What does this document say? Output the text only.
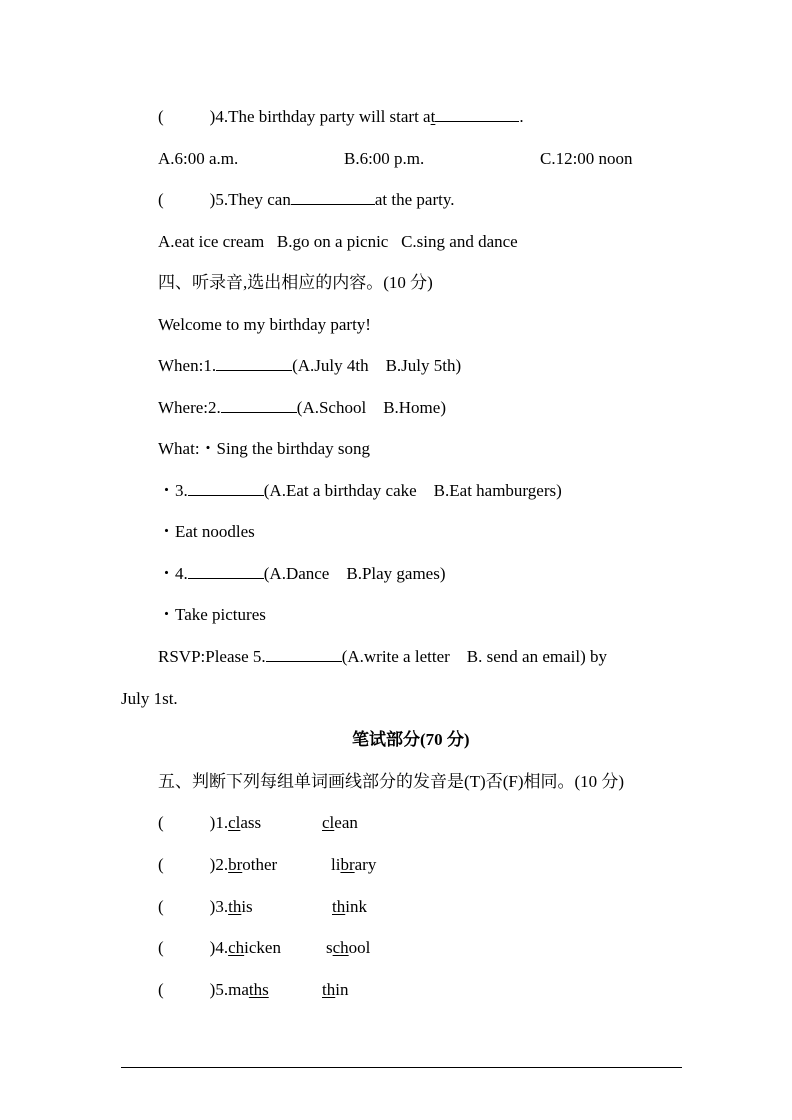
(	)4.The birthday party will start at	.
A.6:00 a.m.	B.6:00 p.m.	C.12:00 noon
(	)5.They can	at the party.
A.eat ice cream   B.go on a picnic   C.sing and dance
四、听录音,选出相应的内容。(10 分)
Welcome to my birthday party!
When:1.	(A.July 4th    B.July 5th)
Where:2.	(A.School    B.Home)
What:・Sing the birthday song
・3.	(A.Eat a birthday cake    B.Eat hamburgers)
・Eat noodles
・4.	(A.Dance    B.Play games)
・Take pictures
RSVP:Please 5.	(A.write a letter    B. send an email) by
July 1st.
笔试部分(70 分)
五、判断下列每组单词画线部分的发音是(T)否(F)相同。(10 分)
(	)1.class	clean
(	)2.brother	library
(	)3.this	think
(	)4.chicken	school
(	)5.maths	thin
